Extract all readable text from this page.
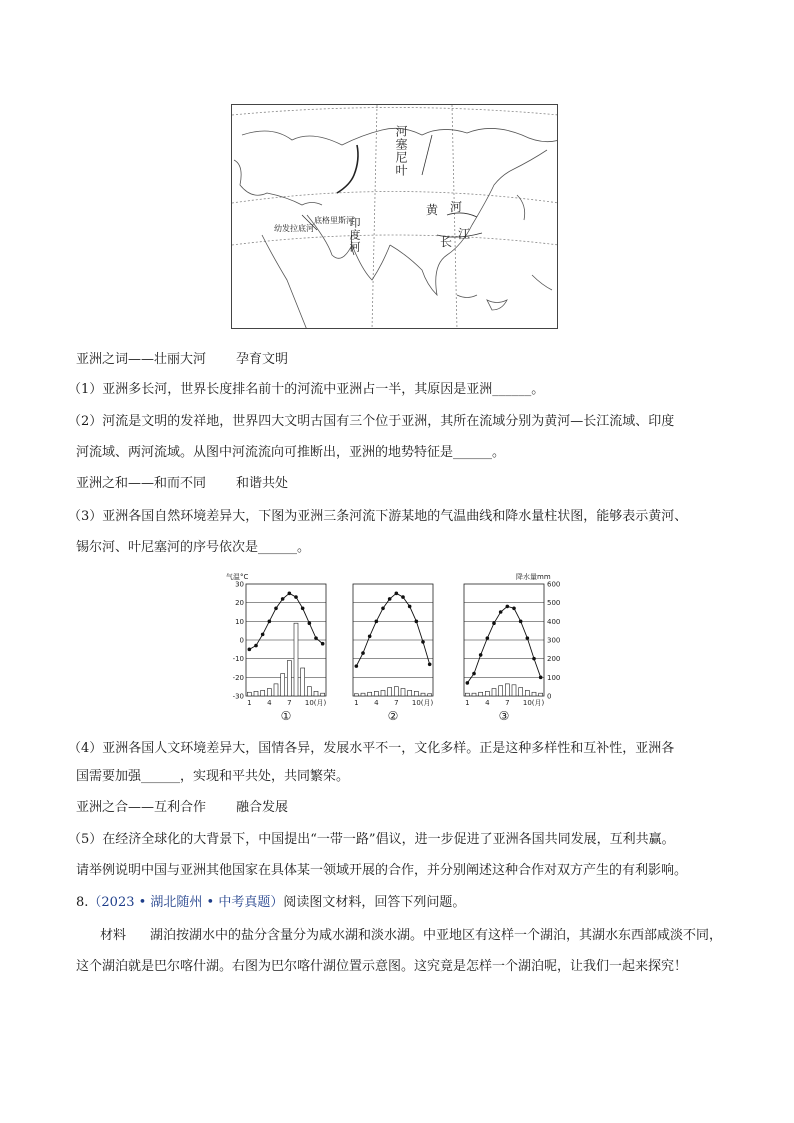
河塞尼叶
黄 河
长
江
印度河
底格里斯河
幼发拉底河
亚洲之词——壮丽大河 孕育文明
（1）亚洲多长河，世界长度排名前十的河流中亚洲占一半，其原因是亚洲______。
（2）河流是文明的发祥地，世界四大文明古国有三个位于亚洲，其所在流域分别为黄河—长江流域、印度
河流域、两河流域。从图中河流流向可推断出，亚洲的地势特征是______。
亚洲之和——和而不同 和谐共处
（3）亚洲各国自然环境差异大，下图为亚洲三条河流下游某地的气温曲线和降水量柱状图，能够表示黄河、
锡尔河、叶尼塞河的序号依次是______。
气温°C	降水量mm
1 4 7 10 (月)
①
1 4 7 10 (月)
②
1 4 7 10 (月)
③
30
20
10
0
-10
-20
-30
600
500
400
300
200
100
0
（4）亚洲各国人文环境差异大，国情各异，发展水平不一，文化多样。正是这种多样性和互补性，亚洲各
国需要加强______，实现和平共处，共同繁荣。
亚洲之合——互利合作 融合发展
（5）在经济全球化的大背景下，中国提出“一带一路”倡议，进一步促进了亚洲各国共同发展，互利共赢。
请举例说明中国与亚洲其他国家在具体某一领域开展的合作，并分别阐述这种合作对双方产生的有利影响。
8.（2023 • 湖北随州 • 中考真题）阅读图文材料，回答下列问题。
材料 湖泊按湖水中的盐分含量分为咸水湖和淡水湖。中亚地区有这样一个湖泊，其湖水东西部咸淡不同，这个湖泊就是巴尔喀什湖。右图为巴尔喀什湖位置示意图。这究竟是怎样一个湖泊呢，让我们一起来探究！
